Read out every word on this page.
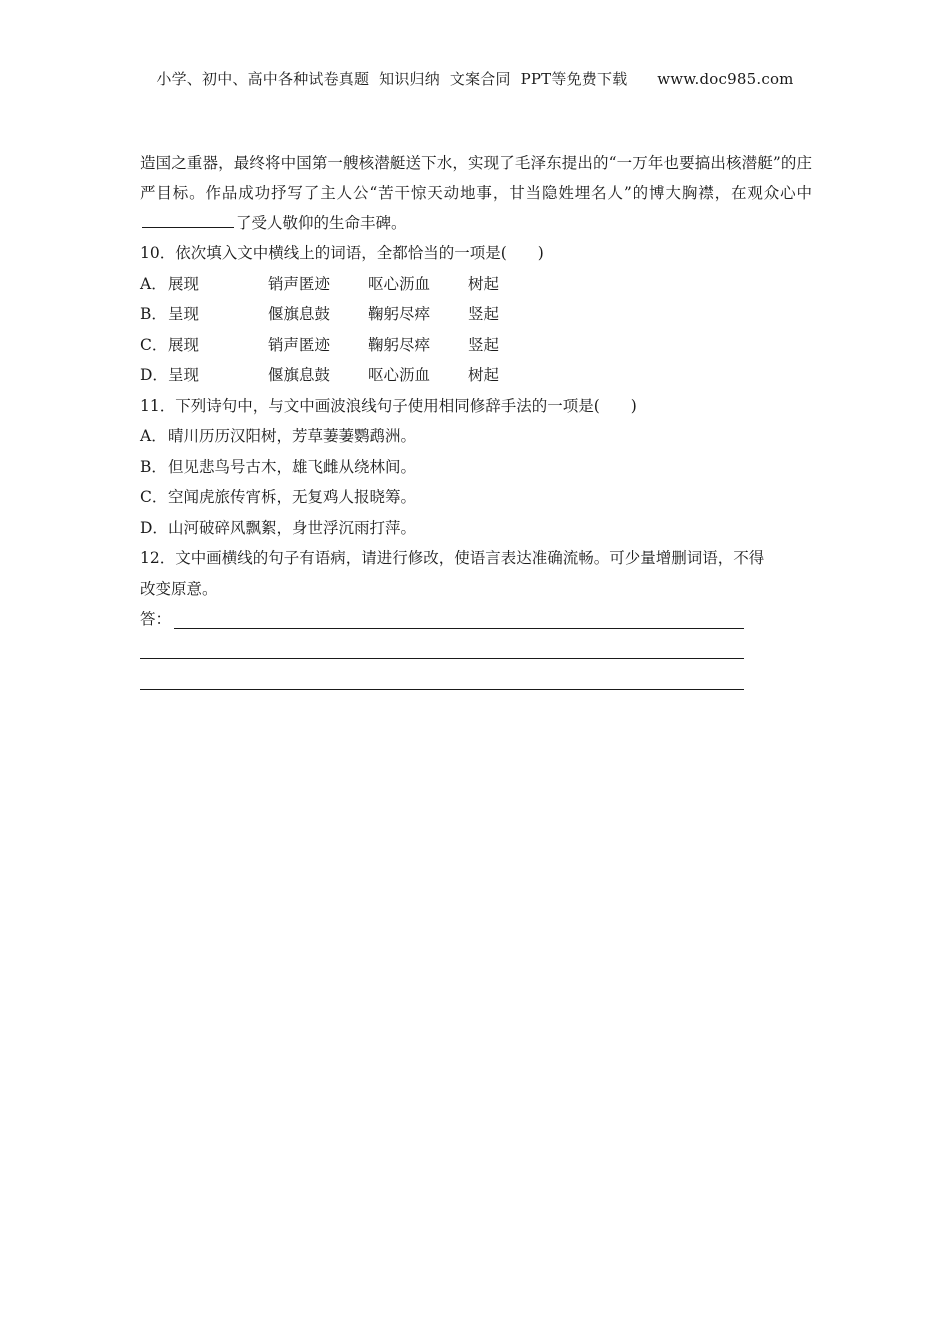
小学、初中、高中各种试卷真题  知识归纳  文案合同  PPT等免费下载      www.doc985.com

造国之重器，最终将中国第一艘核潜艇送下水，实现了毛泽东提出的“一万年也要搞出核潜艇”的庄严目标。作品成功抒写了主人公“苦干惊天动地事，甘当隐姓埋名人”的博大胸襟，在观众心中了受人敬仰的生命丰碑。

10．依次填入文中横线上的词语，全都恰当的一项是(　　)
A．展现	销声匿迹 呕心沥血 树起
B．呈现	偃旗息鼓 鞠躬尽瘁 竖起
C．展现	销声匿迹 鞠躬尽瘁 竖起
D．呈现	偃旗息鼓 呕心沥血 树起
11．下列诗句中，与文中画波浪线句子使用相同修辞手法的一项是(　　)
A．晴川历历汉阳树，芳草萋萋鹦鹉洲。
B．但见悲鸟号古木，雄飞雌从绕林间。
C．空闻虎旅传宵柝，无复鸡人报晓筹。
D．山河破碎风飘絮，身世浮沉雨打萍。
12．文中画横线的句子有语病，请进行修改，使语言表达准确流畅。可少量增删词语，不得
改变原意。
答：
